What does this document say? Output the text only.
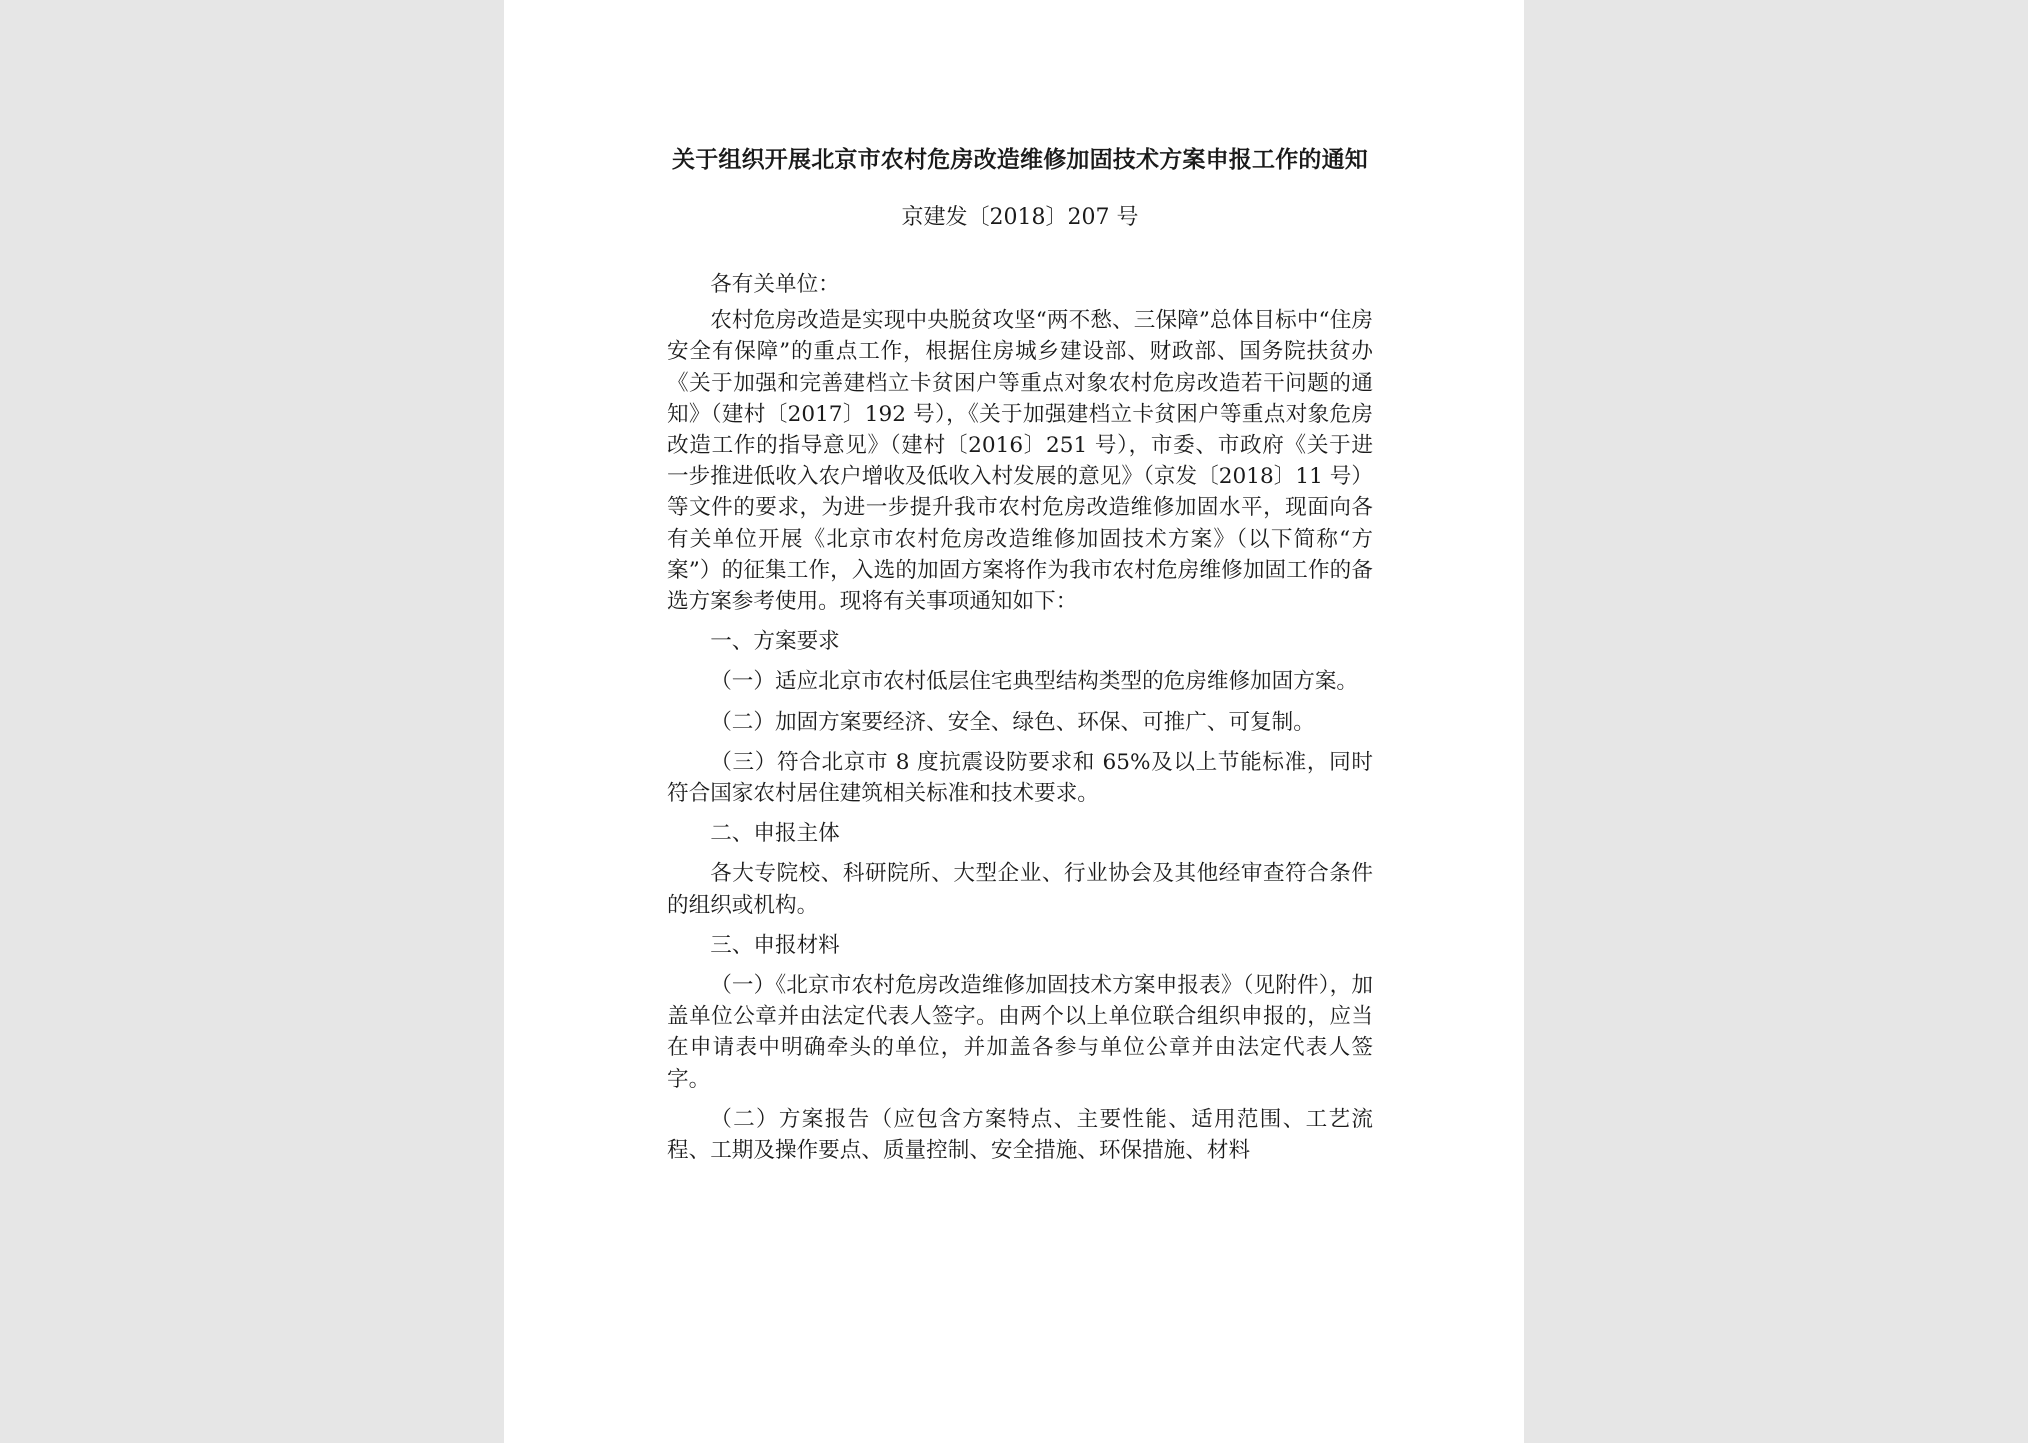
关于组织开展北京市农村危房改造维修加固技术方案申报工作的通知
京建发〔2018〕207 号

各有关单位：

农村危房改造是实现中央脱贫攻坚“两不愁、三保障”总体目标中“住房安全有保障”的重点工作，根据住房城乡建设部、财政部、国务院扶贫办《关于加强和完善建档立卡贫困户等重点对象农村危房改造若干问题的通知》（建村〔2017〕192 号），《关于加强建档立卡贫困户等重点对象危房改造工作的指导意见》（建村〔2016〕251 号），市委、市政府《关于进一步推进低收入农户增收及低收入村发展的意见》（京发〔2018〕11 号）等文件的要求，为进一步提升我市农村危房改造维修加固水平，现面向各有关单位开展《北京市农村危房改造维修加固技术方案》（以下简称“方案”）的征集工作，入选的加固方案将作为我市农村危房维修加固工作的备选方案参考使用。现将有关事项通知如下：

一、方案要求

（一）适应北京市农村低层住宅典型结构类型的危房维修加固方案。

（二）加固方案要经济、安全、绿色、环保、可推广、可复制。

（三）符合北京市 8 度抗震设防要求和 65%及以上节能标准，同时符合国家农村居住建筑相关标准和技术要求。

二、申报主体

各大专院校、科研院所、大型企业、行业协会及其他经审查符合条件的组织或机构。

三、申报材料

（一）《北京市农村危房改造维修加固技术方案申报表》（见附件），加盖单位公章并由法定代表人签字。由两个以上单位联合组织申报的，应当在申请表中明确牵头的单位，并加盖各参与单位公章并由法定代表人签字。

（二）方案报告（应包含方案特点、主要性能、适用范围、工艺流程、工期及操作要点、质量控制、安全措施、环保措施、材料
